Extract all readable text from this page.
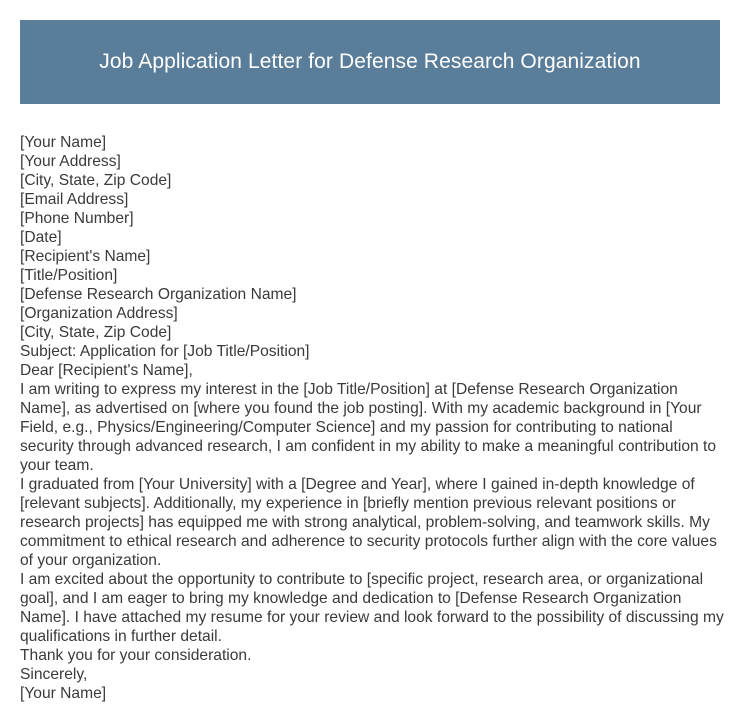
Job Application Letter for Defense Research Organization
[Your Name]
[Your Address]
[City, State, Zip Code]
[Email Address]
[Phone Number]
[Date]
[Recipient's Name]
[Title/Position]
[Defense Research Organization Name]
[Organization Address]
[City, State, Zip Code]
Subject: Application for [Job Title/Position]
Dear [Recipient's Name],

I am writing to express my interest in the [Job Title/Position] at [Defense Research Organization Name], as advertised on [where you found the job posting]. With my academic background in [Your Field, e.g., Physics/Engineering/Computer Science] and my passion for contributing to national security through advanced research, I am confident in my ability to make a meaningful contribution to your team.

I graduated from [Your University] with a [Degree and Year], where I gained in-depth knowledge of [relevant subjects]. Additionally, my experience in [briefly mention previous relevant positions or research projects] has equipped me with strong analytical, problem-solving, and teamwork skills. My commitment to ethical research and adherence to security protocols further align with the core values of your organization.

I am excited about the opportunity to contribute to [specific project, research area, or organizational goal], and I am eager to bring my knowledge and dedication to [Defense Research Organization Name]. I have attached my resume for your review and look forward to the possibility of discussing my qualifications in further detail.

Thank you for your consideration.
Sincerely,
[Your Name]
